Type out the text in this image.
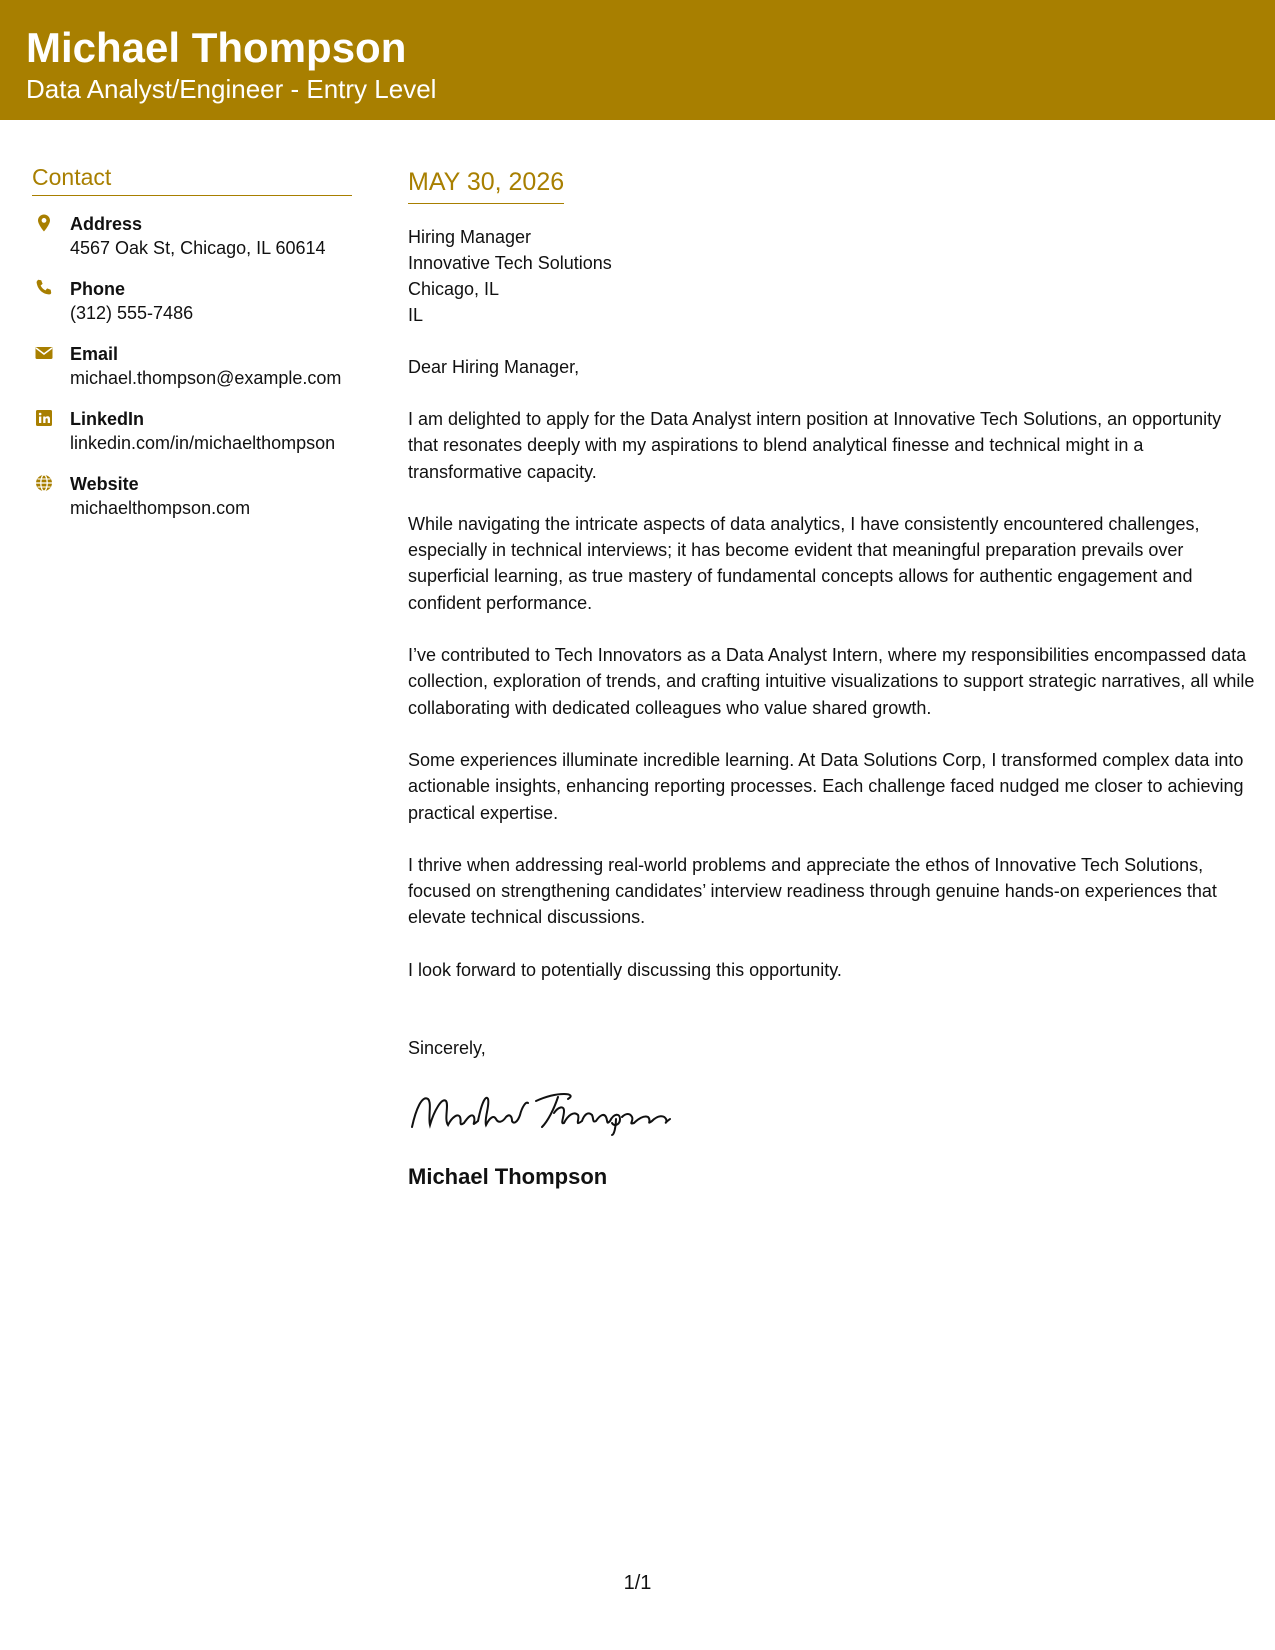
Michael Thompson
Data Analyst/Engineer - Entry Level
Contact
Address
4567 Oak St, Chicago, IL 60614
Phone
(312) 555-7486
Email
michael.thompson@example.com
LinkedIn
linkedin.com/in/michaelthompson
Website
michaelthompson.com
MAY 30, 2026
Hiring Manager
Innovative Tech Solutions
Chicago, IL
IL
Dear Hiring Manager,
I am delighted to apply for the Data Analyst intern position at Innovative Tech Solutions, an opportunity that resonates deeply with my aspirations to blend analytical finesse and technical might in a transformative capacity.
While navigating the intricate aspects of data analytics, I have consistently encountered challenges, especially in technical interviews; it has become evident that meaningful preparation prevails over superficial learning, as true mastery of fundamental concepts allows for authentic engagement and confident performance.
I’ve contributed to Tech Innovators as a Data Analyst Intern, where my responsibilities encompassed data collection, exploration of trends, and crafting intuitive visualizations to support strategic narratives, all while collaborating with dedicated colleagues who value shared growth.
Some experiences illuminate incredible learning. At Data Solutions Corp, I transformed complex data into actionable insights, enhancing reporting processes. Each challenge faced nudged me closer to achieving practical expertise.
I thrive when addressing real-world problems and appreciate the ethos of Innovative Tech Solutions, focused on strengthening candidates’ interview readiness through genuine hands-on experiences that elevate technical discussions.
I look forward to potentially discussing this opportunity.
Sincerely,
Michael Thompson
1/1
